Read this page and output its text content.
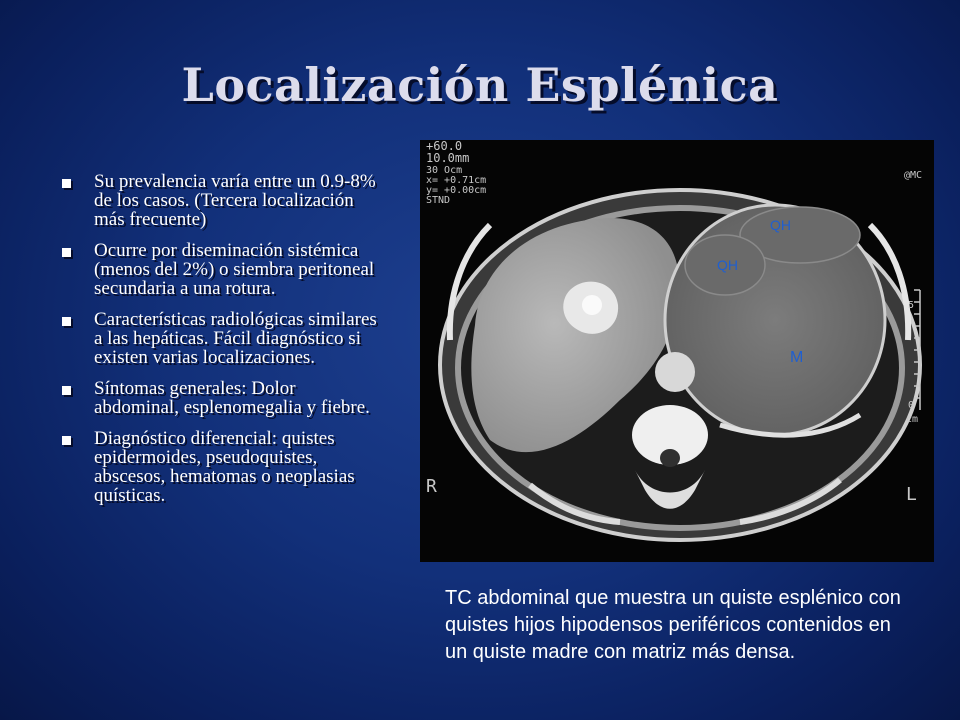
Localización Esplénica
Su prevalencia varía entre un 0.9-8% de los casos. (Tercera localización más frecuente)
Ocurre por diseminación sistémica (menos del 2%) o siembra peritoneal secundaria a una rotura.
Características radiológicas similares a las hepáticas. Fácil diagnóstico si existen varias localizaciones.
Síntomas generales: Dolor abdominal, esplenomegalia y fiebre.
Diagnóstico diferencial: quistes epidermoides, pseudoquistes, abscesos, hematomas o neoplasias quísticas.
5
0
cm
+60.0
10.0mm
30 Ocm
x= +0.71cm
y= +0.00cm
STND
@MC
QH
QH
M
R	L
TC abdominal que muestra un quiste esplénico con quistes hijos hipodensos periféricos contenidos en un quiste madre con matriz más densa.
